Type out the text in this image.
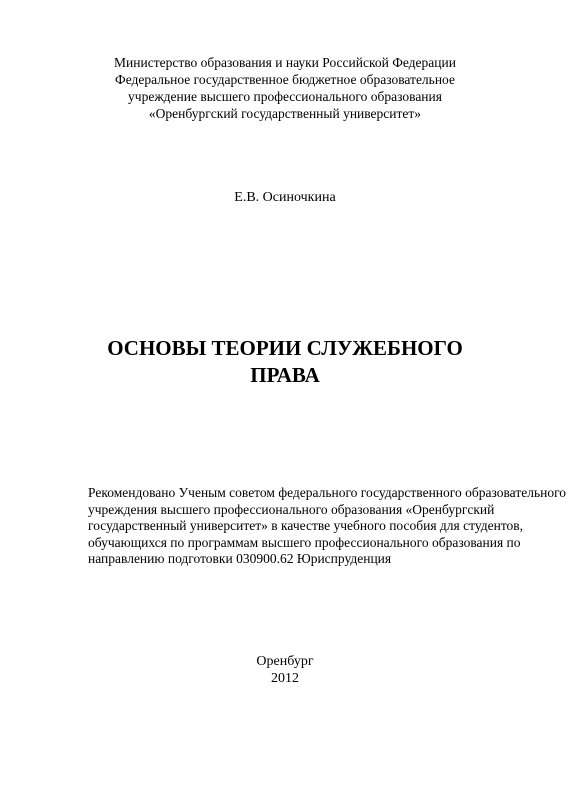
Министерство образования и науки Российской Федерации
Федеральное государственное бюджетное образовательное
учреждение высшего профессионального образования
«Оренбургский государственный университет»
Е.В. Осиночкина
ОСНОВЫ ТЕОРИИ СЛУЖЕБНОГО
ПРАВА
Рекомендовано Ученым советом федерального государственного образовательного
учреждения высшего профессионального образования «Оренбургский
государственный университет» в качестве учебного пособия для студентов,
обучающихся по программам высшего профессионального образования по
направлению подготовки 030900.62 Юриспруденция
Оренбург
2012
